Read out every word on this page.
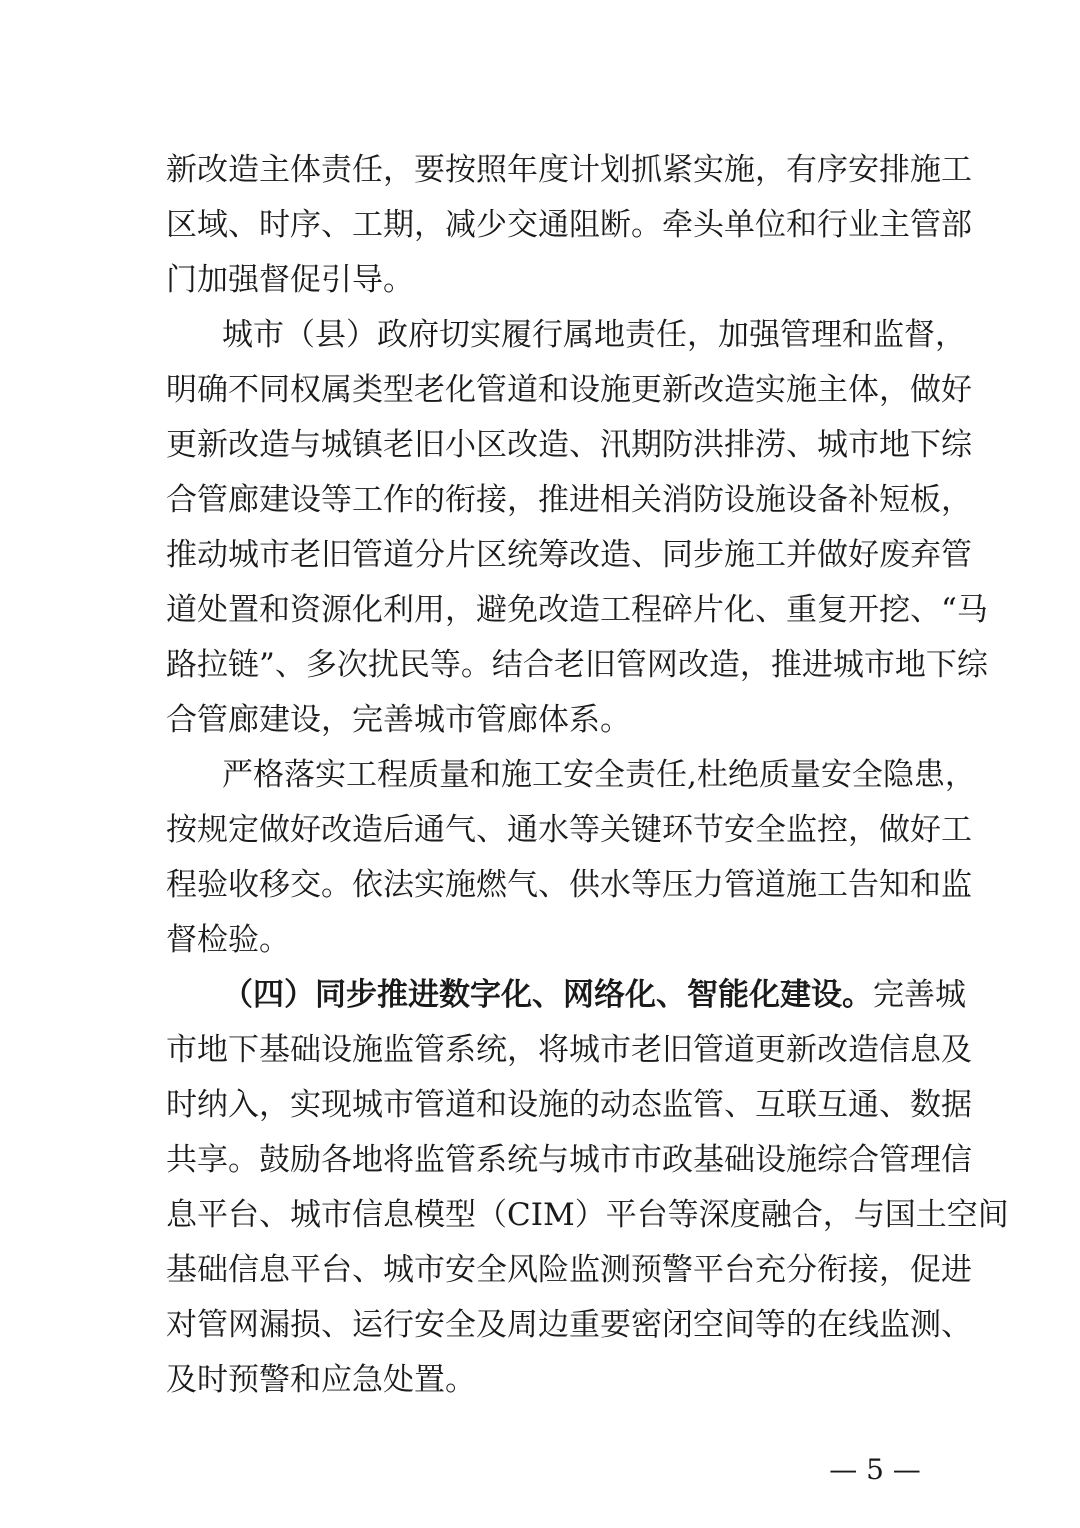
新改造主体责任，要按照年度计划抓紧实施，有序安排施工
区域、时序、工期，减少交通阻断。牵头单位和行业主管部
门加强督促引导。
城市（县）政府切实履行属地责任，加强管理和监督，
明确不同权属类型老化管道和设施更新改造实施主体，做好
更新改造与城镇老旧小区改造、汛期防洪排涝、城市地下综
合管廊建设等工作的衔接，推进相关消防设施设备补短板，
推动城市老旧管道分片区统筹改造、同步施工并做好废弃管
道处置和资源化利用，避免改造工程碎片化、重复开挖、“马
路拉链”、多次扰民等。结合老旧管网改造，推进城市地下综
合管廊建设，完善城市管廊体系。
严格落实工程质量和施工安全责任,杜绝质量安全隐患，
按规定做好改造后通气、通水等关键环节安全监控，做好工
程验收移交。依法实施燃气、供水等压力管道施工告知和监
督检验。
（四）同步推进数字化、网络化、智能化建设。完善城
市地下基础设施监管系统，将城市老旧管道更新改造信息及
时纳入，实现城市管道和设施的动态监管、互联互通、数据
共享。鼓励各地将监管系统与城市市政基础设施综合管理信
息平台、城市信息模型（CIM）平台等深度融合，与国土空间
基础信息平台、城市安全风险监测预警平台充分衔接，促进
对管网漏损、运行安全及周边重要密闭空间等的在线监测、
及时预警和应急处置。
— 5 —
